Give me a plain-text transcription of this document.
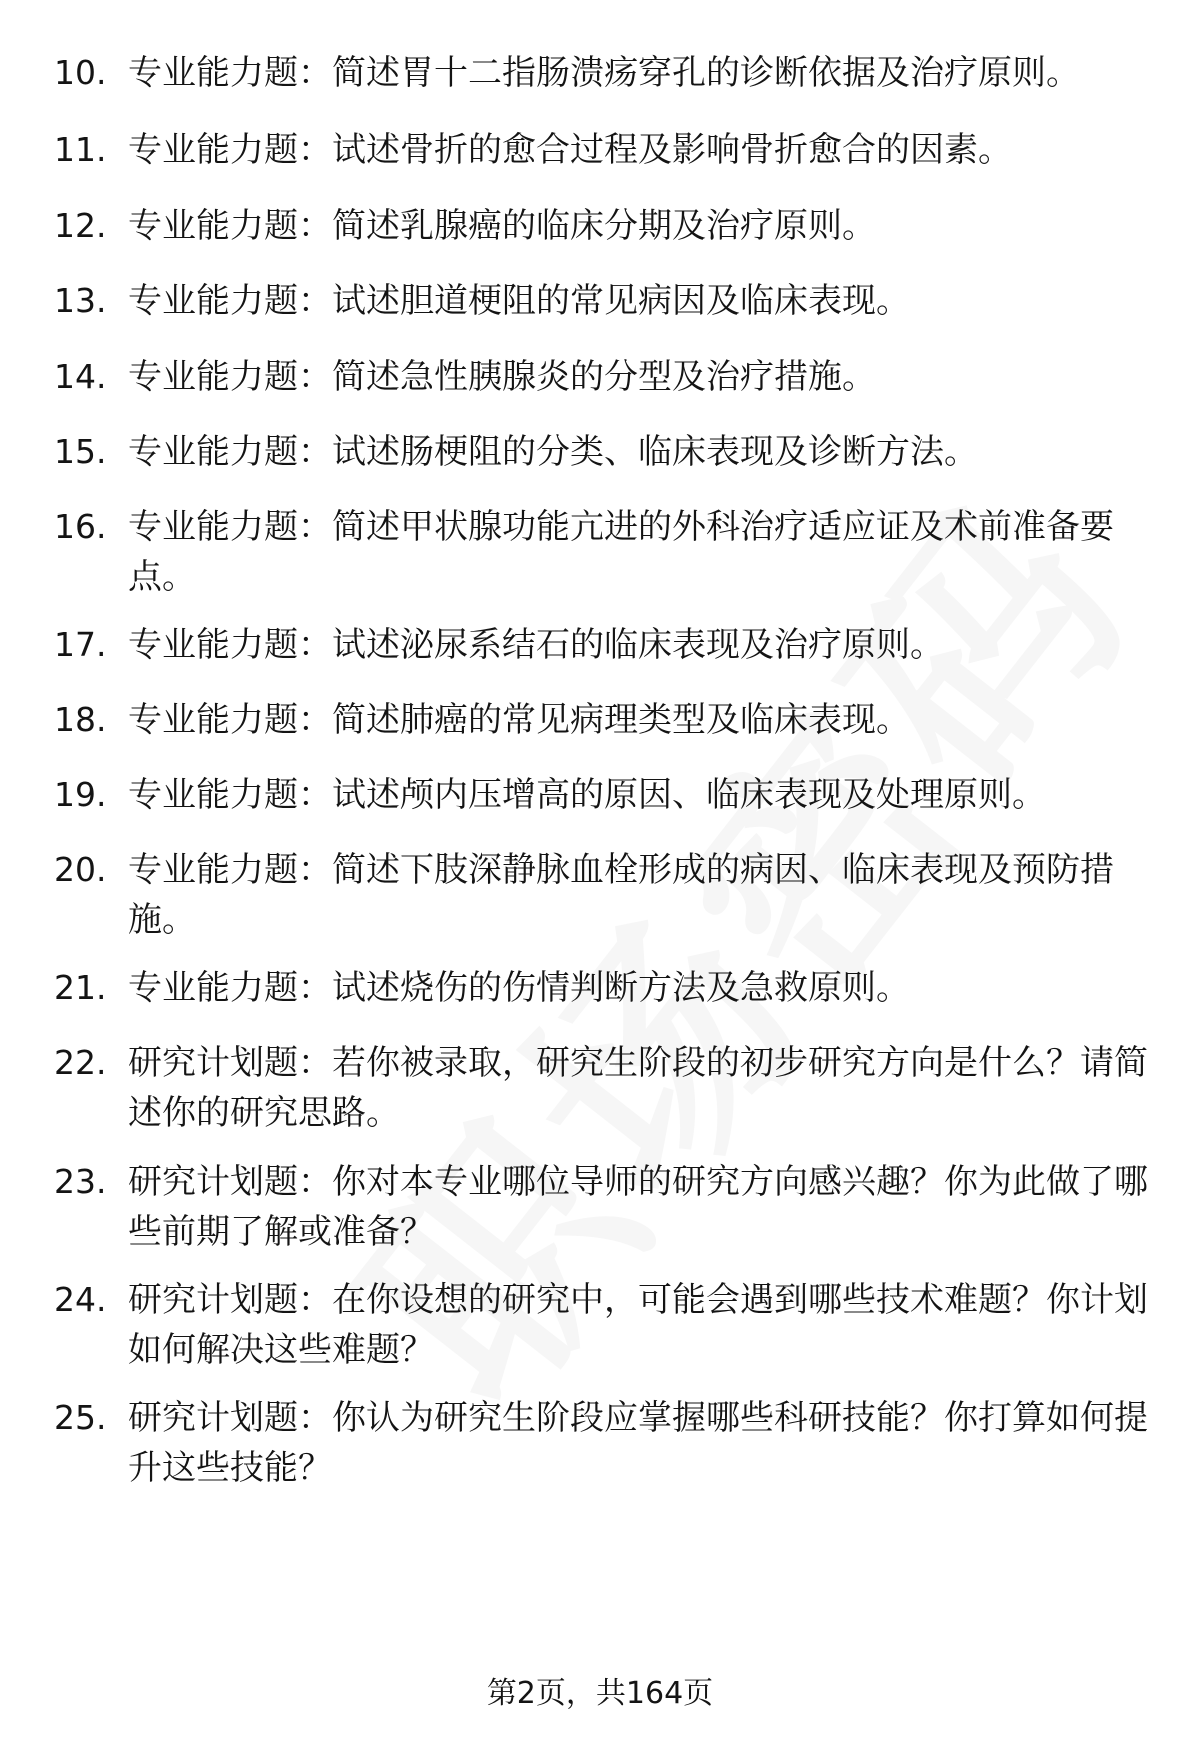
10. 专业能力题：简述胃十二指肠溃疡穿孔的诊断依据及治疗原则。
11. 专业能力题：试述骨折的愈合过程及影响骨折愈合的因素。
12. 专业能力题：简述乳腺癌的临床分期及治疗原则。
13. 专业能力题：试述胆道梗阻的常见病因及临床表现。
14. 专业能力题：简述急性胰腺炎的分型及治疗措施。
15. 专业能力题：试述肠梗阻的分类、临床表现及诊断方法。
16. 专业能力题：简述甲状腺功能亢进的外科治疗适应证及术前准备要点。
17. 专业能力题：试述泌尿系结石的临床表现及治疗原则。
18. 专业能力题：简述肺癌的常见病理类型及临床表现。
19. 专业能力题：试述颅内压增高的原因、临床表现及处理原则。
20. 专业能力题：简述下肢深静脉血栓形成的病因、临床表现及预防措施。
21. 专业能力题：试述烧伤的伤情判断方法及急救原则。
22. 研究计划题：若你被录取，研究生阶段的初步研究方向是什么？请简述你的研究思路。
23. 研究计划题：你对本专业哪位导师的研究方向感兴趣？你为此做了哪些前期了解或准备？
24. 研究计划题：在你设想的研究中，可能会遇到哪些技术难题？你计划如何解决这些难题？
25. 研究计划题：你认为研究生阶段应掌握哪些科研技能？你打算如何提升这些技能？
第2页，共164页
